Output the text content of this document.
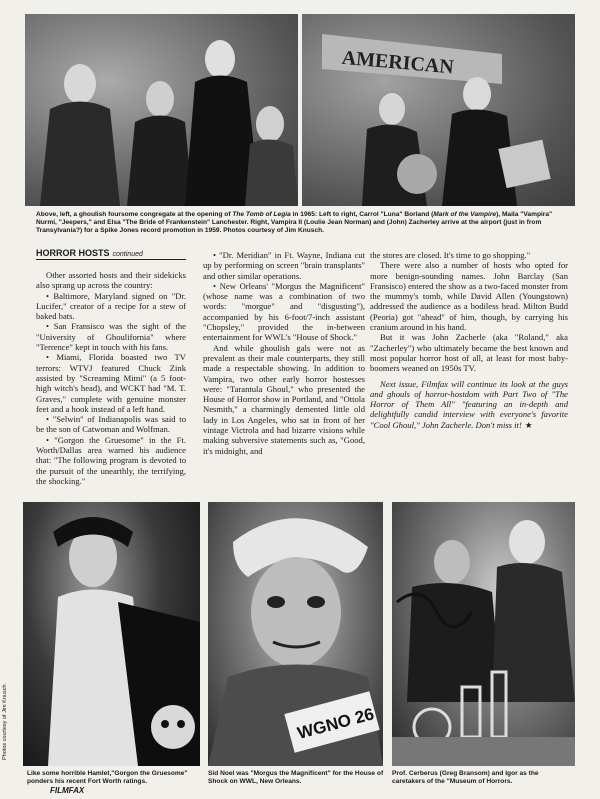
AMERICAN
Above, left, a ghoulish foursome congregate at the opening of The Tomb of Legia in 1965: Left to right, Carrol "Luna" Borland (Mark of the Vampire), Maila "Vampira" Nurmi, "Jeepers," and Elsa "The Bride of Frankenstein" Lanchester. Right, Vampira II (Loulie Jean Norman) and (John) Zacherley arrive at the airport (just in from Transylvania?) for a Spike Jones record promotion in 1959. Photos courtesy of Jim Knusch.
HORROR HOSTS continued

Other assorted hosts and their sidekicks also sprang up across the country:

• Baltimore, Maryland signed on "Dr. Lucifer," creator of a recipe for a stew of baked bats.

• San Fransisco was the sight of the "University of Ghoulifornia" where "Terrence" kept in touch with his fans.

• Miami, Florida boasted two TV terrors: WTVJ featured Chuck Zink assisted by "Screaming Mimi" (a 5 foot-high witch's head), and WCKT had "M. T. Graves," complete with genuine monster feet and a hook instead of a left hand.

• "Selwin" of Indianapolis was said to be the son of Catwoman and Wolfman.

• "Gorgon the Gruesome" in the Ft. Worth/Dallas area warned his audience that: "The following program is devoted to the pursuit of the unearthly, the terrifying, the shocking."

• "Dr. Meridian" in Ft. Wayne, Indiana cut up by performing on screen "brain transplants" and other similar operations.

• New Orleans' "Morgus the Magnificent" (whose name was a combination of two words: "morgue" and "disgusting"), accompanied by his 6-foot/7-inch assistant "Chopsley," provided the in-between entertainment for WWL's "House of Shock."

And while ghoulish gals were not as prevalent as their male counterparts, they still made a respectable showing. In addition to Vampira, two other early horror hostesses were: "Tarantula Ghoul," who presented the House of Horror show in Portland, and "Ottola Nesmith," a charmingly demented little old lady in Los Angeles, who sat in front of her vintage Victrola and had bizarre visions while making subversive statements such as, "Good, it's midnight, and

the stores are closed. It's time to go shopping."

There were also a number of hosts who opted for more benign-sounding names. John Barclay (San Fransisco) entered the show as a two-faced monster from the mummy's tomb, while David Allen (Youngstown) addressed the audience as a bodiless head. Milton Budd (Peoria) got "ahead" of him, though, by carrying his cranium around in his hand.

But it was John Zacherle (aka "Roland," aka "Zacherley") who ultimately became the best known and most popular horror host of all, at least for most baby-boomers weaned on 1950s TV.

Next issue, Filmfax will continue its look at the guys and ghouls of horror-hostdom with Part Two of "The Horror of Them All" "featuring an in-depth and delightfully candid interview with everyone's favorite "Cool Ghoul," John Zacherle. Don't miss it! ★

Photos courtesy of Jim Knusch	WGNO 26
Like some horrible Hamlet,"Gorgon the Gruesome" ponders his recent Fort Worth ratings.
Sid Noel was "Morgus the Magnificent" for the House of Shock on WWL, New Orleans.
Prof. Cerberus (Greg Bransom) and Igor as the caretakers of the "Museum of Horrors.
FILMFAX
